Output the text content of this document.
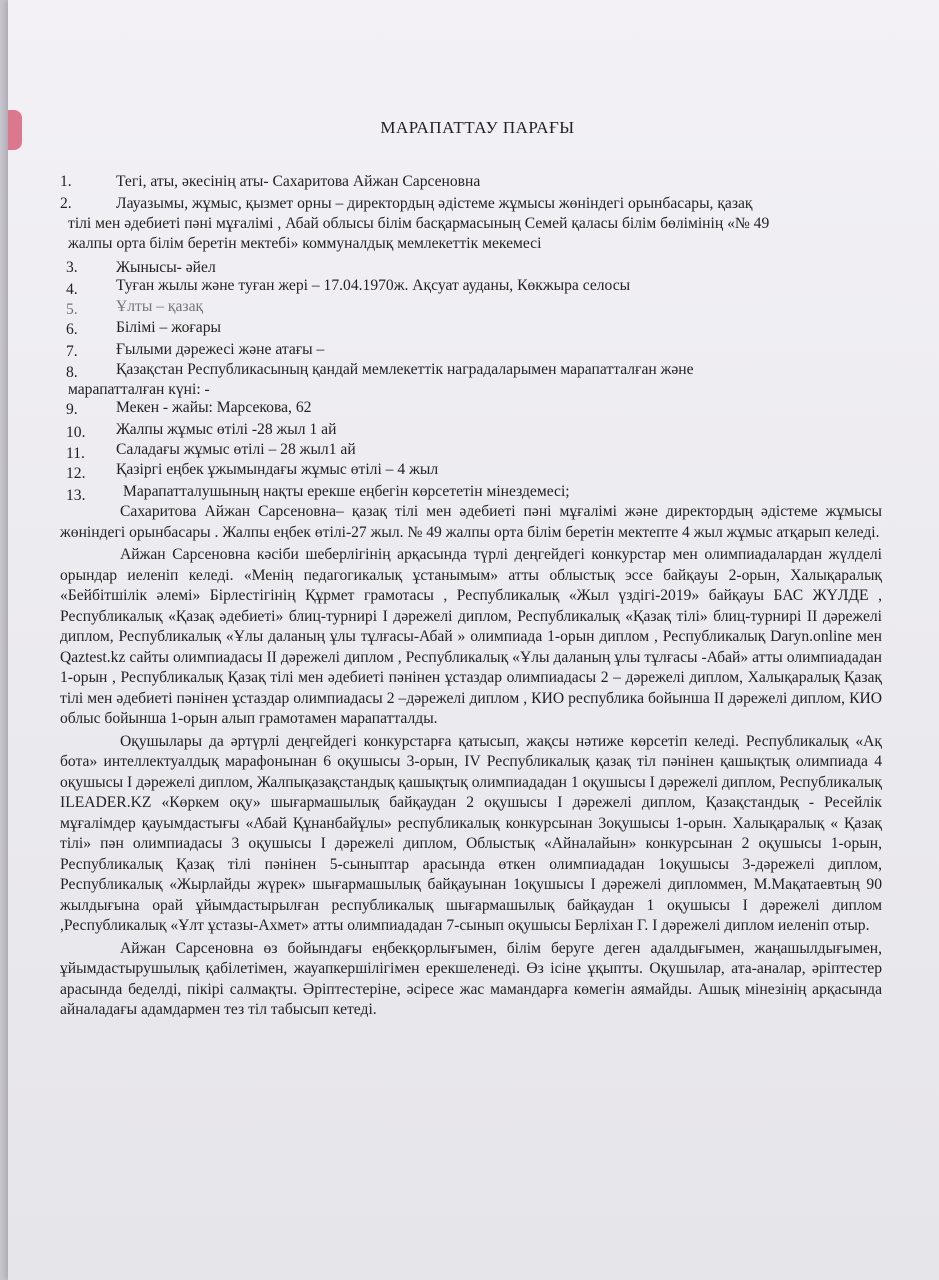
МАРАПАТТАУ ПАРАҒЫ
1.	Тегі, аты, әкесінің аты- Сахаритова Айжан Сарсеновна
2.	Лауазымы, жұмыс, қызмет орны – директордың әдістеме жұмысы жөніндегі орынбасары, қазақ
тілі мен әдебиеті пәні мұғалімі , Абай облысы білім басқармасының Семей қаласы білім бөлімінің «№ 49
жалпы орта білім беретін мектебі» коммуналдық мемлекеттік мекемесі
3. Жынысы- әйел
4. Туған жылы және туған жері – 17.04.1970ж. Ақсуат ауданы, Көкжыра селосы
5. Ұлты – қазақ
6. Білімі – жоғары
7. Ғылыми дәрежесі және атағы –
8. Қазақстан Республикасының қандай мемлекеттік наградаларымен марапатталған және
марапатталған күні: -
9. Мекен - жайы: Марсекова, 62
10. Жалпы жұмыс өтілі -28 жыл 1 ай
11. Саладағы жұмыс өтілі – 28 жыл1 ай
12. Қазіргі еңбек ұжымындағы жұмыс өтілі – 4 жыл
13. Марапатталушының нақты ерекше еңбегін көрсететін мінездемесі;

Сахаритова Айжан Сарсеновна– қазақ тілі мен әдебиеті пәні мұғалімі және директордың әдістеме жұмысы жөніндегі орынбасары . Жалпы еңбек өтілі-27 жыл. № 49 жалпы орта білім беретін мектепте 4 жыл жұмыс атқарып келеді.

Айжан Сарсеновна кәсіби шеберлігінің арқасында түрлі деңгейдегі конкурстар мен олимпиадалардан жүлделі орындар иеленіп келеді. «Менің педагогикалық ұстанымым» атты облыстық эссе байқауы 2-орын, Халықаралық «Бейбітшілік әлемі» Бірлестігінің Құрмет грамотасы , Республикалық «Жыл үздігі-2019» байқауы БАС ЖҮЛДЕ , Республикалық «Қазақ әдебиеті» блиц-турнирі І дәрежелі диплом, Республикалық «Қазақ тілі» блиц-турнирі ІІ дәрежелі диплом, Республикалық «Ұлы даланың ұлы тұлғасы-Абай » олимпиада 1-орын диплом , Республикалық Daryn.online мен Qaztest.kz сайты олимпиадасы ІІ дәрежелі диплом , Республикалық «Ұлы даланың ұлы тұлғасы -Абай» атты олимпиададан 1-орын , Республикалық Қазақ тілі мен әдебиеті пәнінен ұстаздар олимпиадасы 2 – дәрежелі диплом, Халықаралық Қазақ тілі мен әдебиеті пәнінен ұстаздар олимпиадасы 2 –дәрежелі диплом , КИО республика бойынша ІІ дәрежелі диплом, КИО облыс бойынша 1-орын алып грамотамен марапатталды.

Оқушылары да әртүрлі деңгейдегі конкурстарға қатысып, жақсы нәтиже көрсетіп келеді. Республикалық «Ақ бота» интеллектуалдық марафонынан 6 оқушысы 3-орын, ІV Республикалық қазақ тіл пәнінен қашықтық олимпиада 4 оқушысы І дәрежелі диплом, Жалпықазақстандық қашықтық олимпиададан 1 оқушысы І дәрежелі диплом, Республикалық ILEADER.KZ «Көркем оқу» шығармашылық байқаудан 2 оқушысы І дәрежелі диплом, Қазақстандық - Ресейлік мұғалімдер қауымдастығы «Абай Құнанбайұлы» республикалық конкурсынан 3оқушысы 1-орын. Халықаралық « Қазақ тілі» пән олимпиадасы 3 оқушысы І дәрежелі диплом, Облыстық «Айналайын» конкурсынан 2 оқушысы 1-орын, Республикалық Қазақ тілі пәнінен 5-сыныптар арасында өткен олимпиададан 1оқушысы 3-дәрежелі диплом, Республикалық «Жырлайды жүрек» шығармашылық байқауынан 1оқушысы І дәрежелі дипломмен, М.Мақатаевтың 90 жылдығына орай ұйымдастырылған республикалық шығармашылық байқаудан 1 оқушысы І дәрежелі диплом ,Республикалық «Ұлт ұстазы-Ахмет» атты олимпиададан 7-сынып оқушысы Берліхан Г. І дәрежелі диплом иеленіп отыр.

Айжан Сарсеновна өз бойындағы еңбекқорлығымен, білім беруге деген адалдығымен, жаңашылдығымен, ұйымдастырушылық қабілетімен, жауапкершілігімен ерекшеленеді. Өз ісіне ұқыпты. Оқушылар, ата-аналар, әріптестер арасында беделді, пікірі салмақты. Әріптестеріне, әсіресе жас мамандарға көмегін аямайды. Ашық мінезінің арқасында айналадағы адамдармен тез тіл табысып кетеді.
